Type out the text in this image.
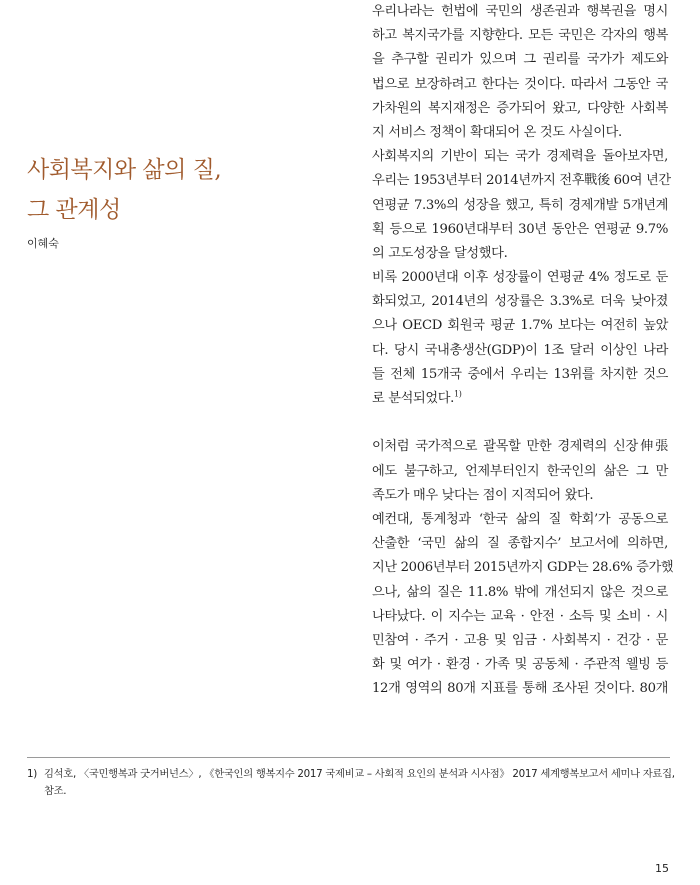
사회복지와 삶의 질,
그 관계성
이혜숙
우리나라는 헌법에 국민의 생존권과 행복권을 명시
하고 복지국가를 지향한다. 모든 국민은 각자의 행복
을 추구할 권리가 있으며 그 권리를 국가가 제도와
법으로 보장하려고 한다는 것이다. 따라서 그동안 국
가차원의 복지재정은 증가되어 왔고, 다양한 사회복
지 서비스 정책이 확대되어 온 것도 사실이다.
사회복지의 기반이 되는 국가 경제력을 돌아보자면,
우리는 1953년부터 2014년까지 전후戰後 60여 년간
연평균 7.3%의 성장을 했고, 특히 경제개발 5개년계
획 등으로 1960년대부터 30년 동안은 연평균 9.7%
의 고도성장을 달성했다.
비록 2000년대 이후 성장률이 연평균 4% 정도로 둔
화되었고, 2014년의 성장률은 3.3%로 더욱 낮아졌
으나 OECD 회원국 평균 1.7% 보다는 여전히 높았
다. 당시 국내총생산(GDP)이 1조 달러 이상인 나라
들 전체 15개국 중에서 우리는 13위를 차지한 것으
로 분석되었다.$^{1)}$
이처럼 국가적으로 괄목할 만한 경제력의 신장伸張
에도 불구하고, 언제부터인지 한국인의 삶은 그 만
족도가 매우 낮다는 점이 지적되어 왔다.
예컨대, 통계청과 ‘한국 삶의 질 학회’가 공동으로
산출한 ‘국민 삶의 질 종합지수’ 보고서에 의하면,
지난 2006년부터 2015년까지 GDP는 28.6% 증가했
으나, 삶의 질은 11.8% 밖에 개선되지 않은 것으로
나타났다. 이 지수는 교육 · 안전 · 소득 및 소비 · 시
민참여 · 주거 · 고용 및 임금 · 사회복지 · 건강 · 문
화 및 여가 · 환경 · 가족 및 공동체 · 주관적 웰빙 등
12개 영역의 80개 지표를 통해 조사된 것이다. 80개
1) 김석호, 〈국민행복과 굿거버넌스〉, 《한국인의 행복지수 2017 국제비교 – 사회적 요인의 분석과 시사점》 2017 세계행복보고서 세미나 자료집,
참조.
15
